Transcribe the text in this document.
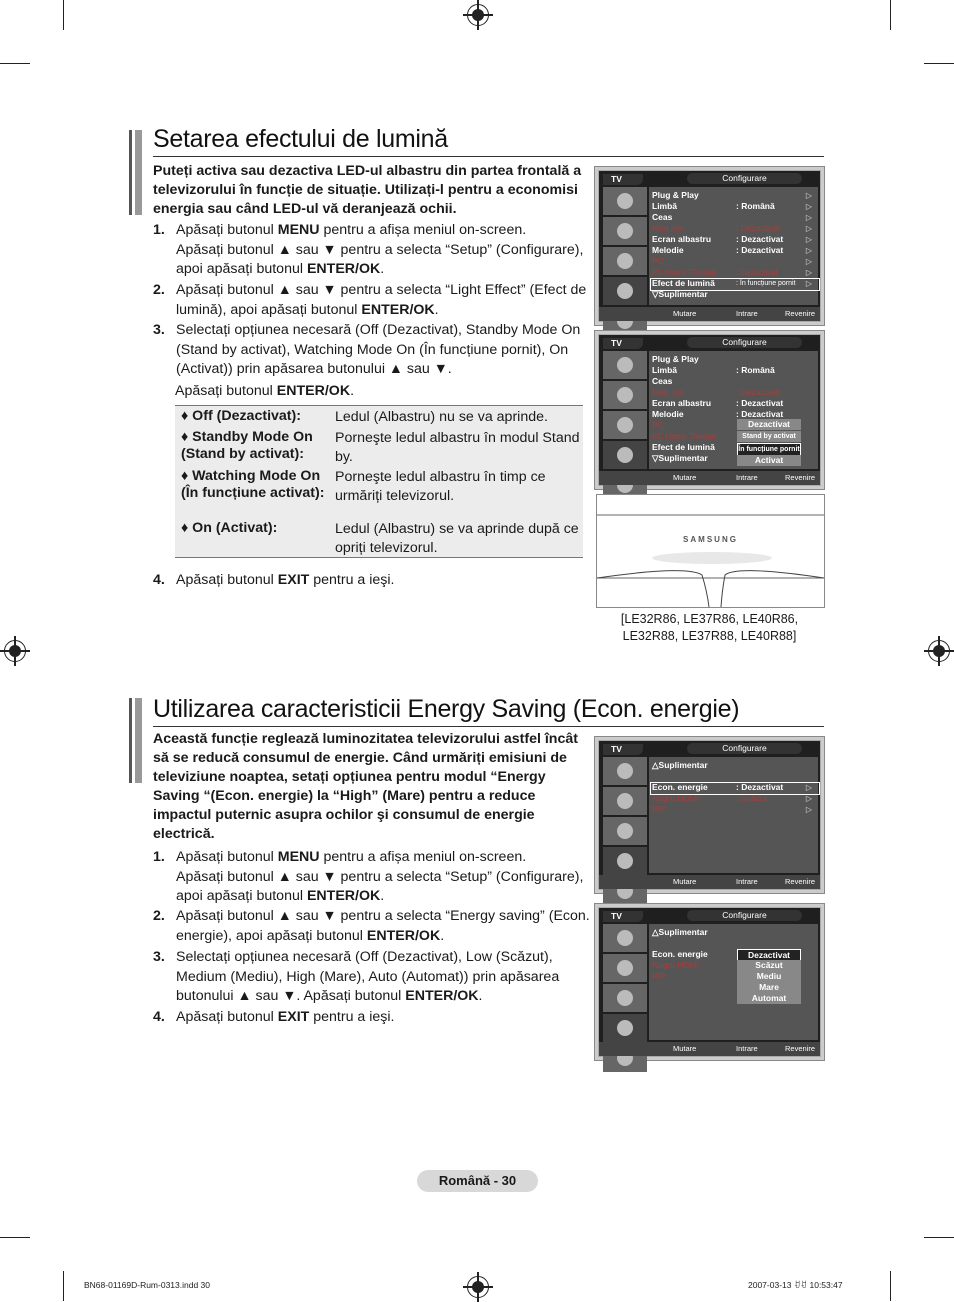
Setarea efectului de lumină
Puteți activa sau dezactiva LED-ul albastru din partea frontală a televizorului în funcție de situație. Utilizați-l pentru a economisi energia sau când LED-ul vă deranjează ochii.
1. Apăsați butonul MENU pentru a afișa meniul on-screen.
Apăsați butonul ▲ sau ▼ pentru a selecta “Setup” (Configurare),
apoi apăsați butonul ENTER/OK.
2. Apăsați butonul ▲ sau ▼ pentru a selecta “Light Effect” (Efect de
lumină), apoi apăsați butonul ENTER/OK.
3. Selectați opțiunea necesară (Off (Dezactivat), Standby Mode On
(Stand by activat), Watching Mode On (În funcțiune pornit), On
(Activat)) prin apăsarea butonului ▲ sau ▼.
Apăsați butonul ENTER/OK.
♦ Off (Dezactivat):	Ledul (Albastru) nu se va aprinde.
♦ Standby Mode On (Stand by activat):
Porneşte ledul albastru în modul Stand by.
♦ Watching Mode On (În funcțiune activat):
Porneşte ledul albastru în timp ce urmăriți televizorul.
♦ On (Activat):	Ledul (Albastru) se va aprinde după ce opriți televizorul.
4. Apăsați butonul EXIT pentru a ieşi.
TV	Configurare
Plug & Play
Limbă	: Română
Ceas
Mod Joc	: Dezactivat
Ecran albastru	: Dezactivat
Melodie	: Dezactivat
PC
PC Home Theater : Dezactivat
Efect de lumină	: În funcțiune pornit
▽Suplimentar
▷
▷
▷
▷
▷
▷
▷
▷
▷
Mutare	Intrare	Revenire
TV	Configurare
Plug & Play
Limbă	: Română
Ceas
Mod Joc	: Dezactivat
Ecran albastru	: Dezactivat
Melodie	: Dezactivat
PC
PC Home Theater
Efect de lumină
▽Suplimentar
Dezactivat
Stand by activat
În funcțiune pornit
Activat
Mutare	Intrare	Revenire
SAMSUNG
[LE32R86, LE37R86, LE40R86,
LE32R88, LE37R88, LE40R88]
Utilizarea caracteristicii Energy Saving (Econ. energie)
Această funcție reglează luminozitatea televizorului astfel încât să se reducă consumul de energie. Când urmăriți emisiuni de televiziune noaptea, setați opțiunea pentru modul “Energy Saving “(Econ. energie) la “High” (Mare) pentru a reduce impactul puternic asupra ochilor şi consumul de energie electrică.
1. Apăsați butonul MENU pentru a afișa meniul on-screen.
Apăsați butonul ▲ sau ▼ pentru a selecta “Setup” (Configurare),
apoi apăsați butonul ENTER/OK.
2. Apăsați butonul ▲ sau ▼ pentru a selecta “Energy saving” (Econ.
energie), apoi apăsați butonul ENTER/OK.
3. Selectați opțiunea necesară (Off (Dezactivat), Low (Scăzut),
Medium (Mediu), High (Mare), Auto (Automat)) prin apăsarea
butonului ▲ sau ▼. Apăsați butonul ENTER/OK.
4. Apăsați butonul EXIT pentru a ieşi.
TV	Configurare
△Suplimentar
Econ. energie	: Dezactivat
Negru HDMI	: Scăzut
PIP
▷
▷
▷
Mutare	Intrare	Revenire
TV	Configurare
△Suplimentar
Econ. energie
Negru HDMI
PIP
Dezactivat
Scăzut
Mediu
Mare
Automat
Mutare	Intrare	Revenire
Română - 30
BN68-01169D-Rum-0313.indd 30	2007-03-13 ꀀꀀ 10:53:47
